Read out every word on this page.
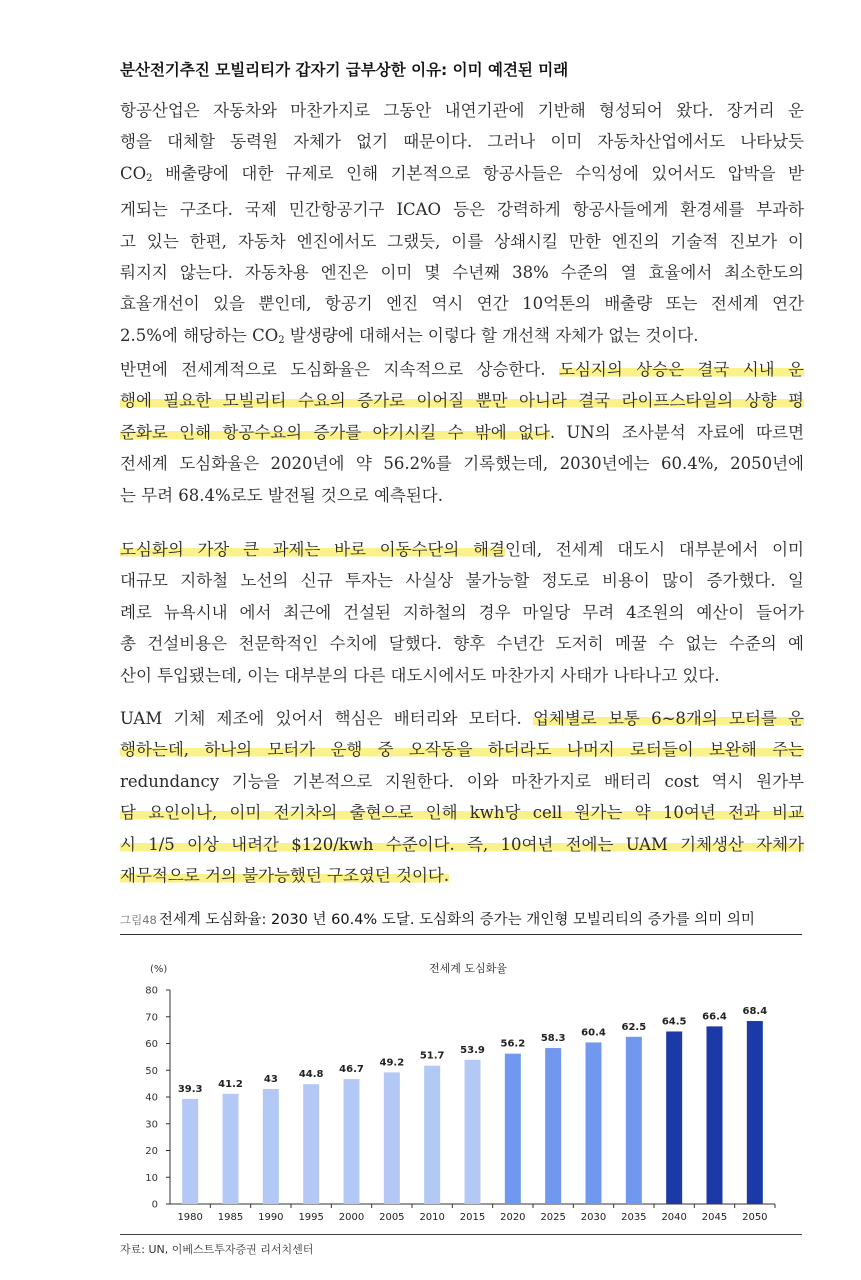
분산전기추진 모빌리티가 갑자기 급부상한 이유: 이미 예견된 미래

항공산업은 자동차와 마찬가지로 그동안 내연기관에 기반해 형성되어 왔다. 장거리 운
행을 대체할 동력원 자체가 없기 때문이다. 그러나 이미 자동차산업에서도 나타났듯
$CO_2$ 배출량에 대한 규제로 인해 기본적으로 항공사들은 수익성에 있어서도 압박을 받
게되는 구조다. 국제 민간항공기구 ICAO 등은 강력하게 항공사들에게 환경세를 부과하
고 있는 한편, 자동차 엔진에서도 그랬듯, 이를 상쇄시킬 만한 엔진의 기술적 진보가 이
뤄지지 않는다. 자동차용 엔진은 이미 몇 수년째 38% 수준의 열 효율에서 최소한도의
효율개선이 있을 뿐인데, 항공기 엔진 역시 연간 10억톤의 배출량 또는 전세계 연간
2.5%에 해당하는 $CO_2$ 발생량에 대해서는 이렇다 할 개선책 자체가 없는 것이다.

반면에 전세계적으로 도심화율은 지속적으로 상승한다. 도심지의 상승은 결국 시내 운
행에 필요한 모빌리티 수요의 증가로 이어질 뿐만 아니라 결국 라이프스타일의 상향 평
준화로 인해 항공수요의 증가를 야기시킬 수 밖에 없다. UN의 조사분석 자료에 따르면
전세계 도심화율은 2020년에 약 56.2%를 기록했는데, 2030년에는 60.4%, 2050년에
는 무려 68.4%로도 발전될 것으로 예측된다.

도심화의 가장 큰 과제는 바로 이동수단의 해결인데, 전세계 대도시 대부분에서 이미
대규모 지하철 노선의 신규 투자는 사실상 불가능할 정도로 비용이 많이 증가했다. 일
례로 뉴욕시내 에서 최근에 건설된 지하철의 경우 마일당 무려 4조원의 예산이 들어가
총 건설비용은 천문학적인 수치에 달했다. 향후 수년간 도저히 메꿀 수 없는 수준의 예
산이 투입됐는데, 이는 대부분의 다른 대도시에서도 마찬가지 사태가 나타나고 있다.

UAM 기체 제조에 있어서 핵심은 배터리와 모터다. 업체별로 보통 6~8개의 모터를 운
행하는데, 하나의 모터가 운행 중 오작동을 하더라도 나머지 로터들이 보완해 주는
redundancy 기능을 기본적으로 지원한다. 이와 마찬가지로 배터리 cost 역시 원가부
담 요인이나, 이미 전기차의 출현으로 인해 kwh당 cell 원가는 약 10여년 전과 비교
시 1/5 이상 내려간 $120/kwh 수준이다. 즉, 10여년 전에는 UAM 기체생산 자체가
재무적으로 거의 불가능했던 구조였던 것이다.

그림48 전세계 도심화율: 2030 년 60.4% 도달. 도심화의 증가는 개인형 모빌리티의 증가를 의미 의미
전세계 도심화율
(%)
0
10
20
30
40
50
60
70
80
39.3
1980
41.2
1985
43
1990
44.8
1995
46.7
2000
49.2
2005
51.7
2010
53.9
2015
56.2
2020
58.3
2025
60.4
2030
62.5
2035
64.5
2040
66.4
2045
68.4
2050
자료: UN, 이베스트투자증권 리서치센터
